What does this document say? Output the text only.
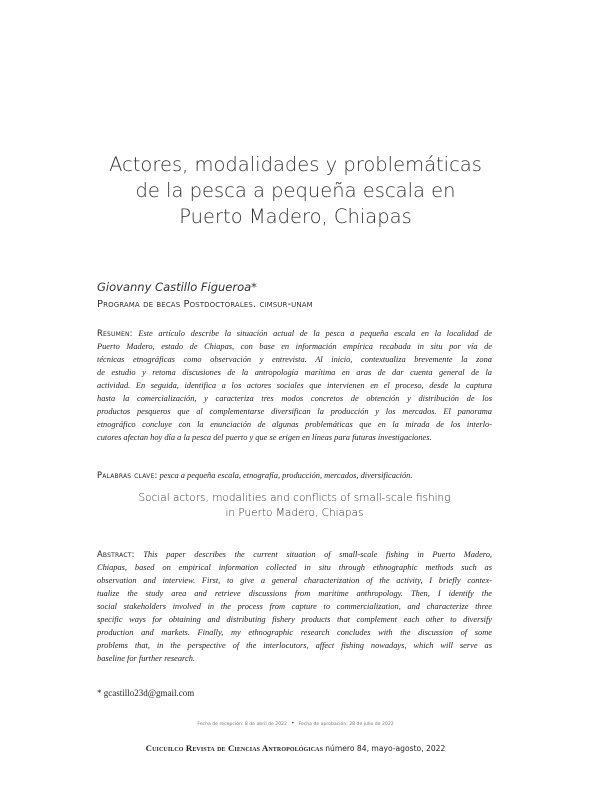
Actores, modalidades y problemáticas
de la pesca a pequeña escala en
Puerto Madero, Chiapas
Giovanny Castillo Figueroa*
Programa de becas Postdoctorales. cimsur-unam
Resumen: Este artículo describe la situación actual de la pesca a pequeña escala en la localidad de
Puerto Madero, estado de Chiapas, con base en información empírica recabada in situ por vía de
técnicas etnográficas como observación y entrevista. Al inicio, contextualiza brevemente la zona
de estudio y retoma discusiones de la antropología marítima en aras de dar cuenta general de la
actividad. En seguida, identifica a los actores sociales que intervienen en el proceso, desde la captura
hasta la comercialización, y caracteriza tres modos concretos de obtención y distribución de los
productos pesqueros que al complementarse diversifican la producción y los mercados. El panorama
etnográfico concluye con la enunciación de algunas problemáticas que en la mirada de los interlo-
cutores afectan hoy día a la pesca del puerto y que se erigen en líneas para futuras investigaciones.
Palabras clave: pesca a pequeña escala, etnografía, producción, mercados, diversificación.
Social actors, modalities and conflicts of small-scale fishing
in Puerto Madero, Chiapas
Abstract: This paper describes the current situation of small-scale fishing in Puerto Madero,
Chiapas, based on empirical information collected in situ through ethnographic methods such as
observation and interview. First, to give a general characterization of the activity, I briefly contex-
tualize the study area and retrieve discussions from maritime anthropology. Then, I identify the
social stakeholders involved in the process from capture to commercialization, and characterize three
specific ways for obtaining and distributing fishery products that complement each other to diversify
production and markets. Finally, my ethnographic research concludes with the discussion of some
problems that, in the perspective of the interlocutors, affect fishing nowadays, which will serve as
baseline for further research.
* gcastillo23d@gmail.com
Fecha de recepción: 8 de abril de 2022 • Fecha de aprobación: 28 de julio de 2022
Cuicuilco Revista de Ciencias Antropológicas número 84, mayo-agosto, 2022
